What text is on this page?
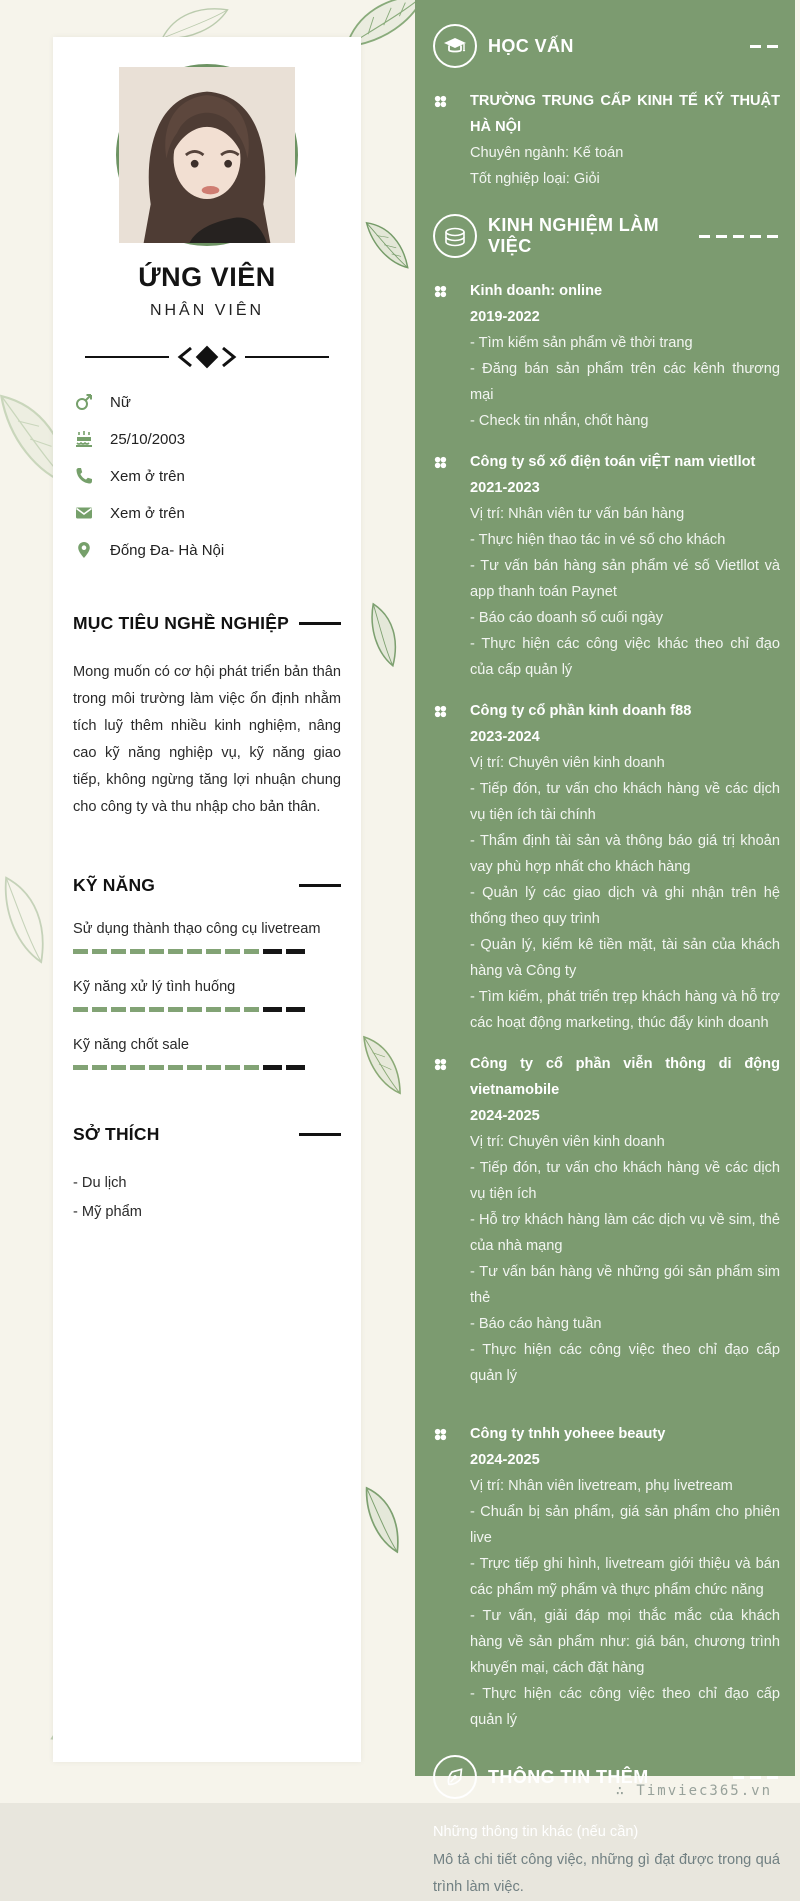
ỨNG VIÊN
NHÂN VIÊN
Nữ
25/10/2003
Xem ở trên
Xem ở trên
Đống Đa- Hà Nội
MỤC TIÊU NGHỀ NGHIỆP
Mong muốn có cơ hội phát triển bản thân trong môi trường làm việc ổn định nhằm tích luỹ thêm nhiều kinh nghiệm, nâng cao kỹ năng nghiệp vụ, kỹ năng giao tiếp, không ngừng tăng lợi nhuận chung cho công ty và thu nhập cho bản thân.
KỸ NĂNG
Sử dụng thành thạo công cụ livetream
Kỹ năng xử lý tình huống
Kỹ năng chốt sale
SỞ THÍCH
- Du lịch
- Mỹ phẩm
HỌC VẤN
TRƯỜNG TRUNG CẤP KINH TẾ KỸ THUẬT HÀ NỘI
Chuyên ngành: Kế toán
Tốt nghiệp loại: Giỏi
KINH NGHIỆM LÀM VIỆC
Kinh doanh: online
2019-2022
- Tìm kiếm sản phẩm về thời trang
- Đăng bán sản phẩm trên các kênh thương mại
- Check tin nhắn, chốt hàng
Công ty số xố điện toán viỆT nam vietllot
2021-2023
Vị trí: Nhân viên tư vấn bán hàng
- Thực hiện thao tác in vé số cho khách
- Tư vấn bán hàng sản phẩm vé số Vietllot và app thanh toán Paynet
- Báo cáo doanh số cuối ngày
- Thực hiện các công việc khác theo chỉ đạo của cấp quản lý
Công ty cổ phần kinh doanh f88
2023-2024
Vị trí: Chuyên viên kinh doanh
- Tiếp đón, tư vấn cho khách hàng về các dịch vụ tiện ích tài chính
- Thẩm định tài sản và thông báo giá trị khoản vay phù hợp nhất cho khách hàng
- Quản lý các giao dịch và ghi nhận trên hệ thống theo quy trình
- Quản lý, kiểm kê tiền mặt, tài sản của khách hàng và Công ty
- Tìm kiếm, phát triển trẹp khách hàng và hỗ trợ các hoạt động marketing, thúc đẩy kinh doanh
Công ty cổ phần viễn thông di động vietnamobile
2024-2025
Vị trí: Chuyên viên kinh doanh
- Tiếp đón, tư vấn cho khách hàng về các dịch vụ tiện ích
- Hỗ trợ khách hàng làm các dịch vụ về sim, thẻ của nhà mạng
- Tư vấn bán hàng về những gói sản phẩm sim thẻ
- Báo cáo hàng tuần
- Thực hiện các công việc theo chỉ đạo cấp quản lý
Công ty tnhh yoheee beauty
2024-2025
Vị trí: Nhân viên livetream, phụ livetream
- Chuẩn bị sản phẩm, giá sản phẩm cho phiên live
- Trực tiếp ghi hình, livetream giới thiệu và bán các phẩm mỹ phẩm và thực phẩm chức năng
- Tư vấn, giải đáp mọi thắc mắc của khách hàng về sản phẩm như: giá bán, chương trình khuyến mại, cách đặt hàng
- Thực hiện các công việc theo chỉ đạo cấp quản lý
THÔNG TIN THÊM
Những thông tin khác (nếu cần)
Mô tả chi tiết công việc, những gì đạt được trong quá trình làm việc.
∴ Timviec365.vn
